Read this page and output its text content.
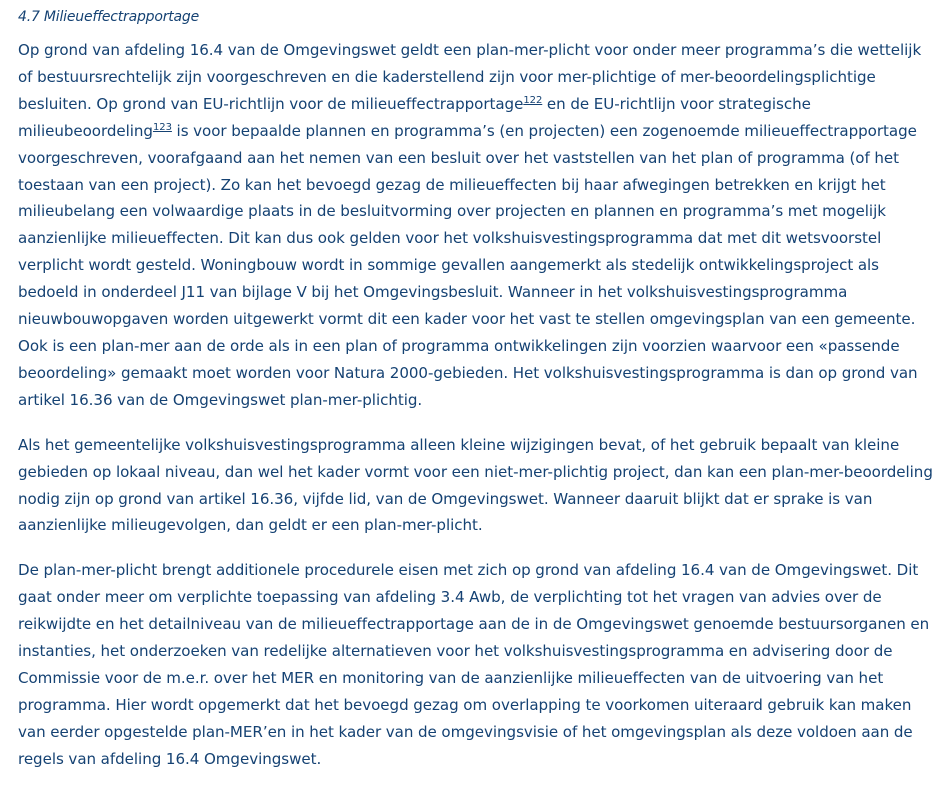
4.7 Milieueffectrapportage

Op grond van afdeling 16.4 van de Omgevingswet geldt een plan-mer-plicht voor onder meer programma’s die wettelijk
of bestuursrechtelijk zijn voorgeschreven en die kaderstellend zijn voor mer-plichtige of mer-beoordelingsplichtige
besluiten. Op grond van EU-richtlijn voor de milieueffectrapportage$^{122}$ en de EU-richtlijn voor strategische
milieubeoordeling$^{123}$ is voor bepaalde plannen en programma’s (en projecten) een zogenoemde milieueffectrapportage
voorgeschreven, voorafgaand aan het nemen van een besluit over het vaststellen van het plan of programma (of het
toestaan van een project). Zo kan het bevoegd gezag de milieueffecten bij haar afwegingen betrekken en krijgt het
milieubelang een volwaardige plaats in de besluitvorming over projecten en plannen en programma’s met mogelijk
aanzienlijke milieueffecten. Dit kan dus ook gelden voor het volkshuisvestingsprogramma dat met dit wetsvoorstel
verplicht wordt gesteld. Woningbouw wordt in sommige gevallen aangemerkt als stedelijk ontwikkelingsproject als
bedoeld in onderdeel J11 van bijlage V bij het Omgevingsbesluit. Wanneer in het volkshuisvestingsprogramma
nieuwbouwopgaven worden uitgewerkt vormt dit een kader voor het vast te stellen omgevingsplan van een gemeente.
Ook is een plan-mer aan de orde als in een plan of programma ontwikkelingen zijn voorzien waarvoor een «passende
beoordeling» gemaakt moet worden voor Natura 2000-gebieden. Het volkshuisvestingsprogramma is dan op grond van
artikel 16.36 van de Omgevingswet plan-mer-plichtig.

Als het gemeentelijke volkshuisvestingsprogramma alleen kleine wijzigingen bevat, of het gebruik bepaalt van kleine
gebieden op lokaal niveau, dan wel het kader vormt voor een niet-mer-plichtig project, dan kan een plan-mer-beoordeling
nodig zijn op grond van artikel 16.36, vijfde lid, van de Omgevingswet. Wanneer daaruit blijkt dat er sprake is van
aanzienlijke milieugevolgen, dan geldt er een plan-mer-plicht.

De plan-mer-plicht brengt additionele procedurele eisen met zich op grond van afdeling 16.4 van de Omgevingswet. Dit
gaat onder meer om verplichte toepassing van afdeling 3.4 Awb, de verplichting tot het vragen van advies over de
reikwijdte en het detailniveau van de milieueffectrapportage aan de in de Omgevingswet genoemde bestuursorganen en
instanties, het onderzoeken van redelijke alternatieven voor het volkshuisvestingsprogramma en advisering door de
Commissie voor de m.e.r. over het MER en monitoring van de aanzienlijke milieueffecten van de uitvoering van het
programma. Hier wordt opgemerkt dat het bevoegd gezag om overlapping te voorkomen uiteraard gebruik kan maken
van eerder opgestelde plan-MER’en in het kader van de omgevingsvisie of het omgevingsplan als deze voldoen aan de
regels van afdeling 16.4 Omgevingswet.
